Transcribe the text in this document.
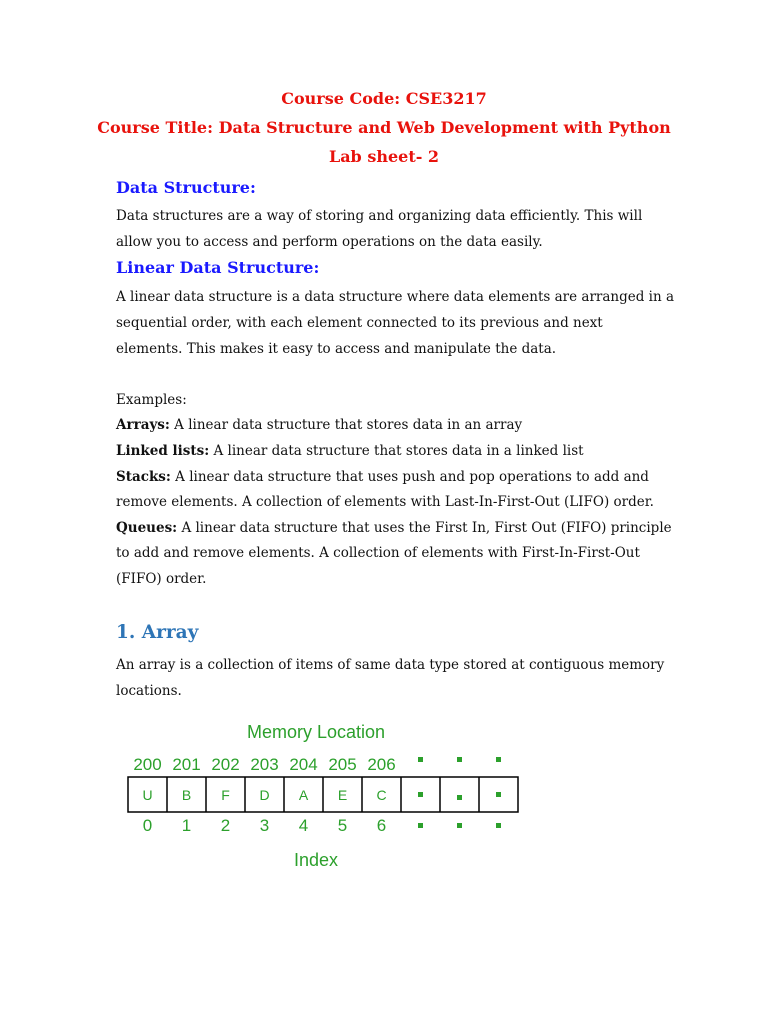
Course Code: CSE3217
Course Title: Data Structure and Web Development with Python
Lab sheet- 2
Data Structure:
Data structures are a way of storing and organizing data efficiently. This will
allow you to access and perform operations on the data easily.
Linear Data Structure:
A linear data structure is a data structure where data elements are arranged in a
sequential order, with each element connected to its previous and next
elements. This makes it easy to access and manipulate the data.
Examples:
Arrays: A linear data structure that stores data in an array
Linked lists: A linear data structure that stores data in a linked list
Stacks: A linear data structure that uses push and pop operations to add and
remove elements. A collection of elements with Last-In-First-Out (LIFO) order.
Queues: A linear data structure that uses the First In, First Out (FIFO) principle
to add and remove elements. A collection of elements with First-In-First-Out
(FIFO) order.
1. Array
An array is a collection of items of same data type stored at contiguous memory
locations.
Memory Location
200 201 202 203 204 205 206
U B F D A E C
0 1 2 3 4 5 6
Index
